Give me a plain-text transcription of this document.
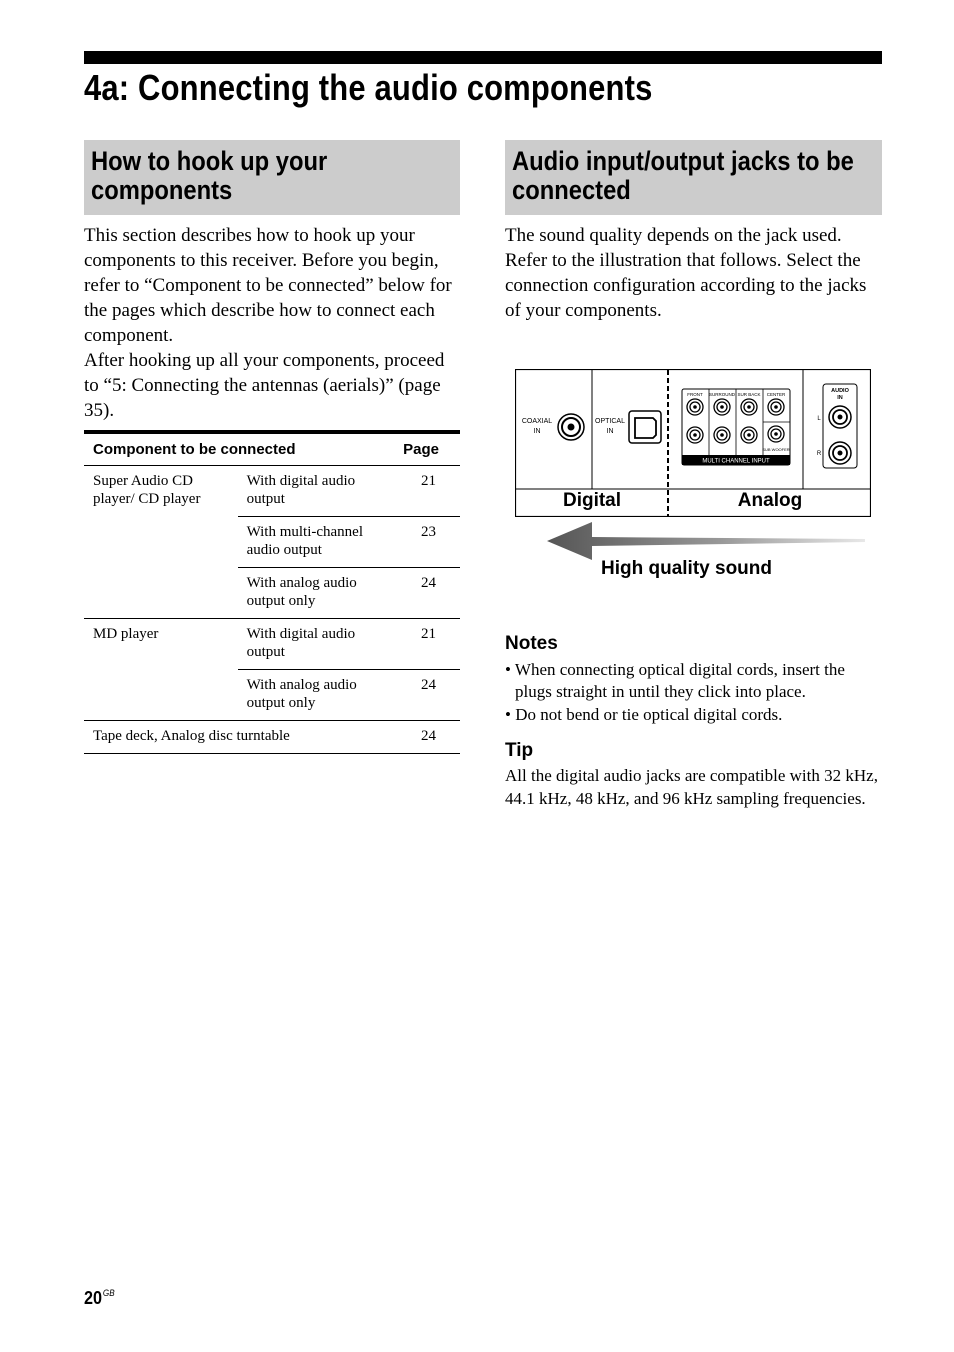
4a: Connecting the audio components
How to hook up your components

This section describes how to hook up your components to this receiver. Before you begin, refer to “Component to be connected” below for the pages which describe how to connect each component.

After hooking up all your components, proceed to “5: Connecting the antennas (aerials)” (page 35).

Component to be connected		Page
Super Audio CD player/ CD player	With digital audio output	21
	With multi-channel audio output	23
	With analog audio output only	24
MD player	With digital audio output	21
	With analog audio output only	24
Tape deck, Analog disc turntable		24
Audio input/output jacks to be connected

The sound quality depends on the jack used. Refer to the illustration that follows. Select the connection configuration according to the jacks of your components.

COAXIAL
IN
OPTICAL
IN
FRONT SURROUND SUR BACK CENTER
SUB WOOFER
MULTI CHANNEL INPUT
AUDIO
IN
L
R
Digital	Analog
High quality sound
Notes
• When connecting optical digital cords, insert the plugs straight in until they click into place.
• Do not bend or tie optical digital cords.
Tip

All the digital audio jacks are compatible with 32 kHz, 44.1 kHz, 48 kHz, and 96 kHz sampling frequencies.

$20^{GB}$
